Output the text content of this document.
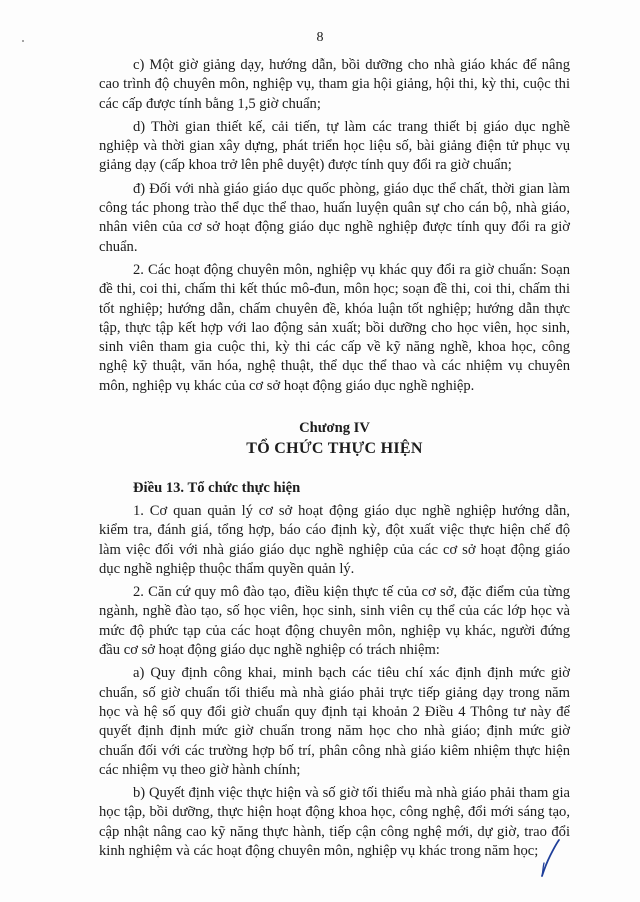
8

c) Một giờ giảng dạy, hướng dẫn, bồi dưỡng cho nhà giáo khác để nâng cao trình độ chuyên môn, nghiệp vụ, tham gia hội giảng, hội thi, kỳ thi, cuộc thi các cấp được tính bằng 1,5 giờ chuẩn;

d) Thời gian thiết kế, cải tiến, tự làm các trang thiết bị giáo dục nghề nghiệp và thời gian xây dựng, phát triển học liệu số, bài giảng điện tử phục vụ giảng dạy (cấp khoa trở lên phê duyệt) được tính quy đổi ra giờ chuẩn;

đ) Đối với nhà giáo giáo dục quốc phòng, giáo dục thể chất, thời gian làm công tác phong trào thể dục thể thao, huấn luyện quân sự cho cán bộ, nhà giáo, nhân viên của cơ sở hoạt động giáo dục nghề nghiệp được tính quy đổi ra giờ chuẩn.

2. Các hoạt động chuyên môn, nghiệp vụ khác quy đổi ra giờ chuẩn: Soạn đề thi, coi thi, chấm thi kết thúc mô-đun, môn học; soạn đề thi, coi thi, chấm thi tốt nghiệp; hướng dẫn, chấm chuyên đề, khóa luận tốt nghiệp; hướng dẫn thực tập, thực tập kết hợp với lao động sản xuất; bồi dưỡng cho học viên, học sinh, sinh viên tham gia cuộc thi, kỳ thi các cấp về kỹ năng nghề, khoa học, công nghệ kỹ thuật, văn hóa, nghệ thuật, thể dục thể thao và các nhiệm vụ chuyên môn, nghiệp vụ khác của cơ sở hoạt động giáo dục nghề nghiệp.

Chương IV

TỔ CHỨC THỰC HIỆN

Điều 13. Tổ chức thực hiện

1. Cơ quan quản lý cơ sở hoạt động giáo dục nghề nghiệp hướng dẫn, kiểm tra, đánh giá, tổng hợp, báo cáo định kỳ, đột xuất việc thực hiện chế độ làm việc đối với nhà giáo giáo dục nghề nghiệp của các cơ sở hoạt động giáo dục nghề nghiệp thuộc thẩm quyền quản lý.

2. Căn cứ quy mô đào tạo, điều kiện thực tế của cơ sở, đặc điểm của từng ngành, nghề đào tạo, số học viên, học sinh, sinh viên cụ thể của các lớp học và mức độ phức tạp của các hoạt động chuyên môn, nghiệp vụ khác, người đứng đầu cơ sở hoạt động giáo dục nghề nghiệp có trách nhiệm:

a) Quy định công khai, minh bạch các tiêu chí xác định định mức giờ chuẩn, số giờ chuẩn tối thiểu mà nhà giáo phải trực tiếp giảng dạy trong năm học và hệ số quy đổi giờ chuẩn quy định tại khoản 2 Điều 4 Thông tư này để quyết định định mức giờ chuẩn trong năm học cho nhà giáo; định mức giờ chuẩn đối với các trường hợp bố trí, phân công nhà giáo kiêm nhiệm thực hiện các nhiệm vụ theo giờ hành chính;

b) Quyết định việc thực hiện và số giờ tối thiểu mà nhà giáo phải tham gia học tập, bồi dưỡng, thực hiện hoạt động khoa học, công nghệ, đổi mới sáng tạo, cập nhật nâng cao kỹ năng thực hành, tiếp cận công nghệ mới, dự giờ, trao đổi kinh nghiệm và các hoạt động chuyên môn, nghiệp vụ khác trong năm học;
